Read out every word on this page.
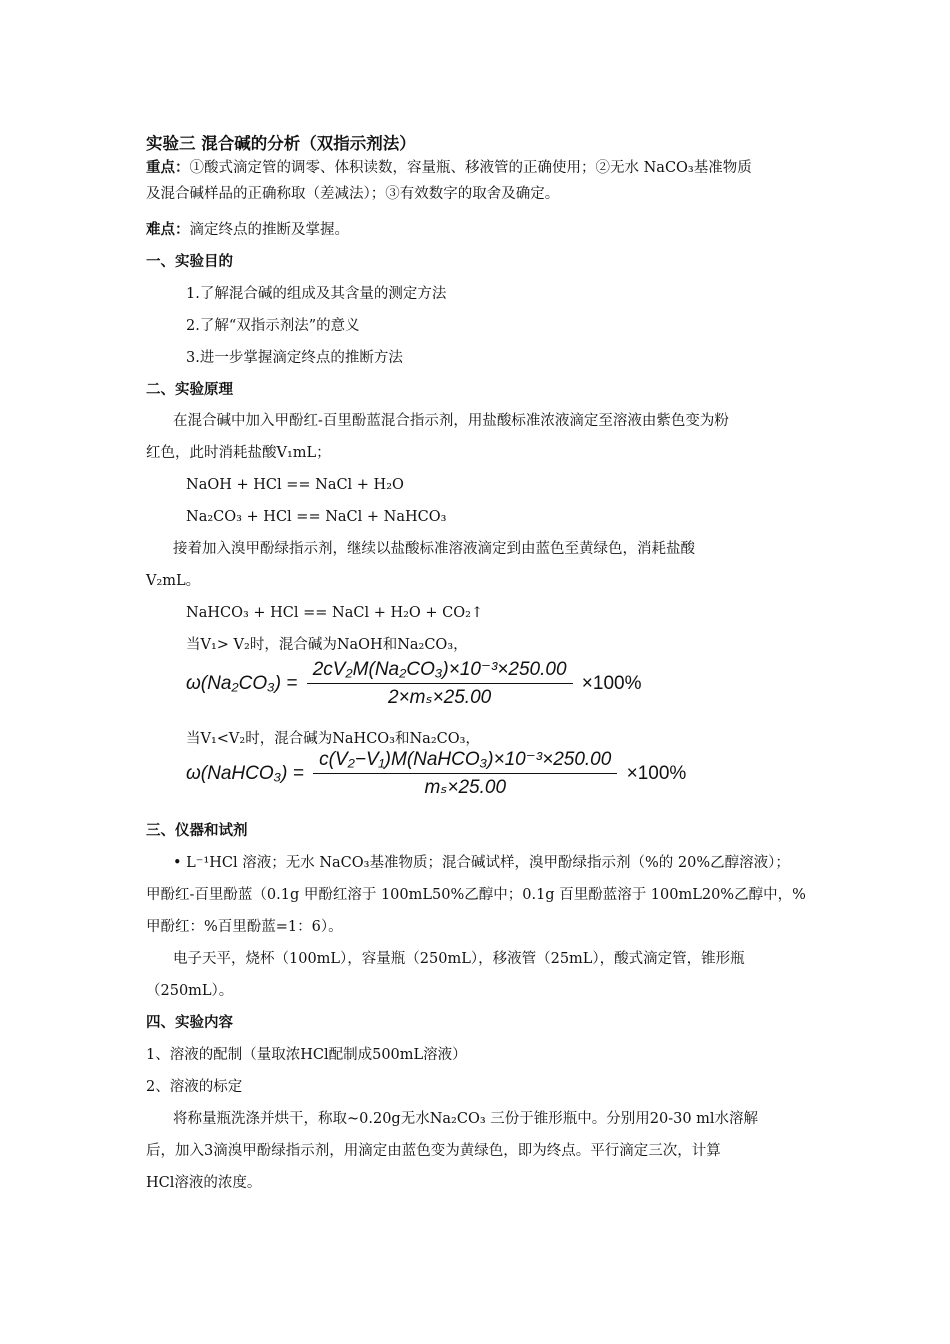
实验三 混合碱的分析（双指示剂法）
重点：①酸式滴定管的调零、体积读数，容量瓶、移液管的正确使用；②无水 NaCO₃基准物质
及混合碱样品的正确称取（差减法）；③有效数字的取舍及确定。
难点：滴定终点的推断及掌握。
一、实验目的
1.了解混合碱的组成及其含量的测定方法
2.了解“双指示剂法”的意义
3.进一步掌握滴定终点的推断方法
二、实验原理
在混合碱中加入甲酚红-百里酚蓝混合指示剂，用盐酸标准浓液滴定至溶液由紫色变为粉
红色，此时消耗盐酸V₁mL；
NaOH + HCl == NaCl + H₂O
Na₂CO₃ + HCl == NaCl + NaHCO₃
接着加入溴甲酚绿指示剂，继续以盐酸标准溶液滴定到由蓝色至黄绿色，消耗盐酸
V₂mL。
NaHCO₃ + HCl == NaCl + H₂O + CO₂↑
当V₁> V₂时，混合碱为NaOH和Na₂CO₃，
$\omega(Na_2CO_3) = \frac{\text{2cV₂M(Na₂CO₃)×10⁻³×250.00}}{\text{2×mₛ×25.00}} \times 100\%$
当V₁<V₂时，混合碱为NaHCO₃和Na₂CO₃，
ω(NaHCO₃) = $\frac{\text{c(V₂−V₁)M(NaHCO₃)×10⁻³×250.00}}{\text{mₛ×25.00}} \times 100\%$
三、仪器和试剂
• L⁻¹HCl 溶液；无水 NaCO₃基准物质；混合碱试样，溴甲酚绿指示剂（%的 20%乙醇溶液）；
甲酚红-百里酚蓝（0.1g 甲酚红溶于 100mL50%乙醇中；0.1g 百里酚蓝溶于 100mL20%乙醇中，%
甲酚红：%百里酚蓝=1：6）。
电子天平，烧杯（100mL），容量瓶（250mL），移液管（25mL），酸式滴定管，锥形瓶
（250mL）。
四、实验内容
1、溶液的配制（量取浓HCl配制成500mL溶液）
2、溶液的标定
将称量瓶洗涤并烘干，称取~0.20g无水Na₂CO₃ 三份于锥形瓶中。分别用20-30 ml水溶解
后，加入3滴溴甲酚绿指示剂，用滴定由蓝色变为黄绿色，即为终点。平行滴定三次，计算
HCl溶液的浓度。
